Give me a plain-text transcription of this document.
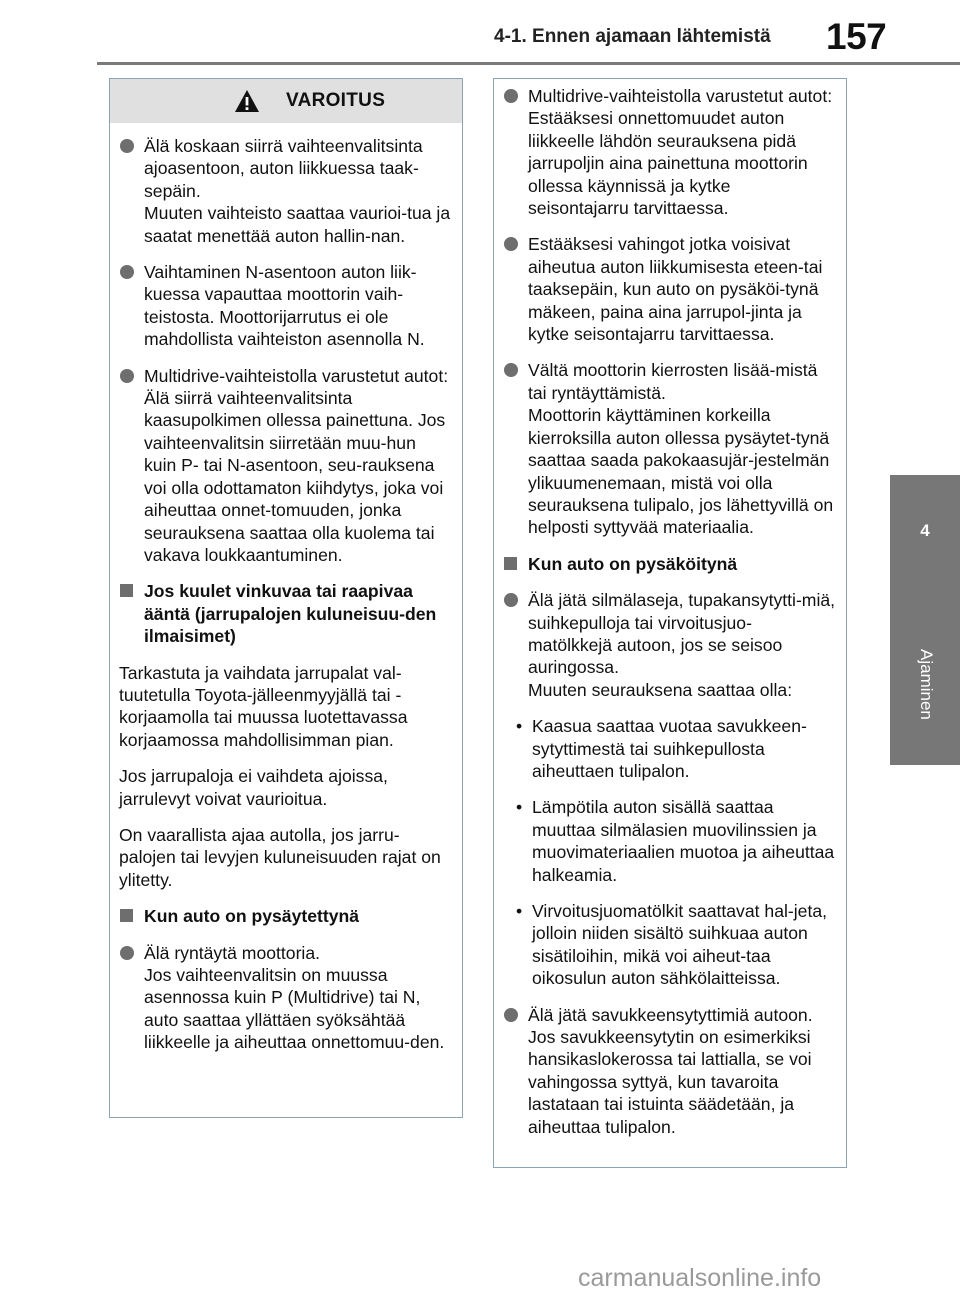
4-1. Ennen ajamaan lähtemistä 157
4
Ajaminen
VAROITUS
Älä koskaan siirrä vaihteenvalitsinta ajoasentoon, auton liikkuessa taak-sepäin.
Muuten vaihteisto saattaa vaurioi-tua ja saatat menettää auton hallin-nan.
Vaihtaminen N-asentoon auton liik-kuessa vapauttaa moottorin vaih-teistosta. Moottorijarrutus ei ole mahdollista vaihteiston asennolla N.
Multidrive-vaihteistolla varustetut autot: Älä siirrä vaihteenvalitsinta kaasupolkimen ollessa painettuna. Jos vaihteenvalitsin siirretään muu-hun kuin P- tai N-asentoon, seu-rauksena voi olla odottamaton kiihdytys, joka voi aiheuttaa onnet-tomuuden, jonka seurauksena saattaa olla kuolema tai vakava loukkaantuminen.
Jos kuulet vinkuvaa tai raapivaa ääntä (jarrupalojen kuluneisuu-den ilmaisimet)
Tarkastuta ja vaihdata jarrupalat val-tuutetulla Toyota-jälleenmyyjällä tai -korjaamolla tai muussa luotettavassa korjaamossa mahdollisimman pian.
Jos jarrupaloja ei vaihdeta ajoissa, jarrulevyt voivat vaurioitua.
On vaarallista ajaa autolla, jos jarru-palojen tai levyjen kuluneisuuden rajat on ylitetty.
Kun auto on pysäytettynä
Älä ryntäytä moottoria.
Jos vaihteenvalitsin on muussa asennossa kuin P (Multidrive) tai N, auto saattaa yllättäen syöksähtää liikkeelle ja aiheuttaa onnettomuu-den.
Multidrive-vaihteistolla varustetut autot: Estääksesi onnettomuudet auton liikkeelle lähdön seurauksena pidä jarrupoljin aina painettuna moottorin ollessa käynnissä ja kytke seisontajarru tarvittaessa.
Estääksesi vahingot jotka voisivat aiheutua auton liikkumisesta eteen-tai taaksepäin, kun auto on pysäköi-tynä mäkeen, paina aina jarrupol-jinta ja kytke seisontajarru tarvittaessa.
Vältä moottorin kierrosten lisää-mistä tai ryntäyttämistä.
Moottorin käyttäminen korkeilla kierroksilla auton ollessa pysäytet-tynä saattaa saada pakokaasujär-jestelmän ylikuumenemaan, mistä voi olla seurauksena tulipalo, jos lähettyvillä on helposti syttyvää materiaalia.
Kun auto on pysäköitynä
Älä jätä silmälaseja, tupakansytytti-miä, suihkepulloja tai virvoitusjuo-matölkkejä autoon, jos se seisoo auringossa.
Muuten seurauksena saattaa olla:
• Kaasua saattaa vuotaa savukkeen-sytyttimestä tai suihkepullosta aiheuttaen tulipalon.
• Lämpötila auton sisällä saattaa muuttaa silmälasien muovilinssien ja muovimateriaalien muotoa ja aiheuttaa halkeamia.
• Virvoitusjuomatölkit saattavat hal-jeta, jolloin niiden sisältö suihkuaa auton sisätiloihin, mikä voi aiheut-taa oikosulun auton sähkölaitteissa.
Älä jätä savukkeensytyttimiä autoon. Jos savukkeensytytin on esimerkiksi hansikaslokerossa tai lattialla, se voi vahingossa syttyä, kun tavaroita lastataan tai istuinta säädetään, ja aiheuttaa tulipalon.
carmanualsonline.info
